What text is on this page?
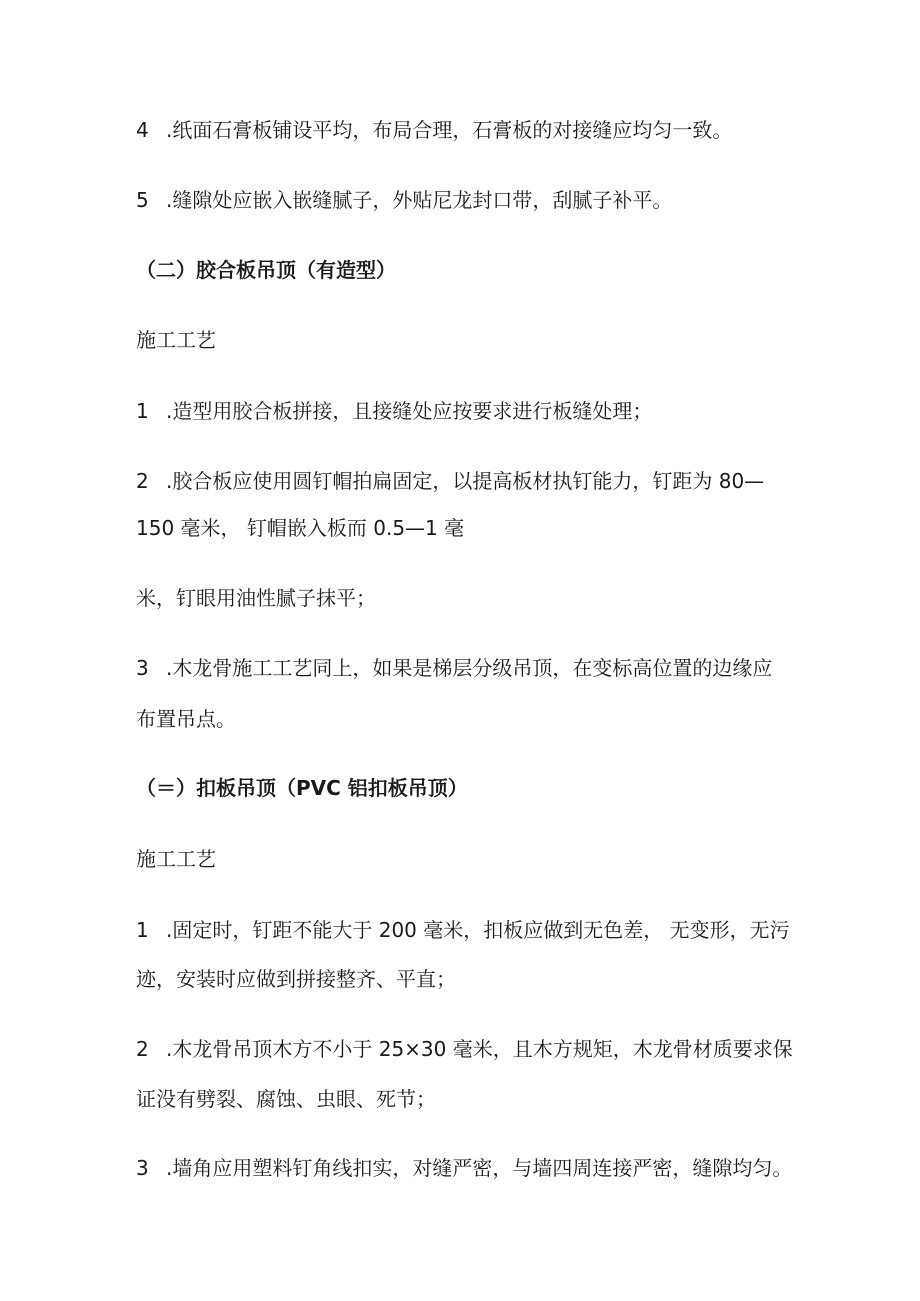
4 .纸面石膏板铺设平均，布局合理，石膏板的对接缝应均匀一致。
5 .缝隙处应嵌入嵌缝腻子，外贴尼龙封口带，刮腻子补平。
（二）胶合板吊顶（有造型）
施工工艺
1 .造型用胶合板拼接，且接缝处应按要求进行板缝处理；
2 .胶合板应使用圆钉帽拍扁固定，以提高板材执钉能力，钉距为 80—
150 毫米， 钉帽嵌入板而 0.5—1 毫
米，钉眼用油性腻子抹平；
3 .木龙骨施工工艺同上，如果是梯层分级吊顶，在变标高位置的边缘应
布置吊点。
（＝）扣板吊顶（PVC 铝扣板吊顶）
施工工艺
1 .固定时，钉距不能大于 200 毫米，扣板应做到无色差， 无变形，无污
迹，安装时应做到拼接整齐、平直；
2 .木龙骨吊顶木方不小于 25×30 毫米，且木方规矩，木龙骨材质要求保
证没有劈裂、腐蚀、虫眼、死节；
3 .墙角应用塑料钉角线扣实，对缝严密，与墙四周连接严密，缝隙均匀。
